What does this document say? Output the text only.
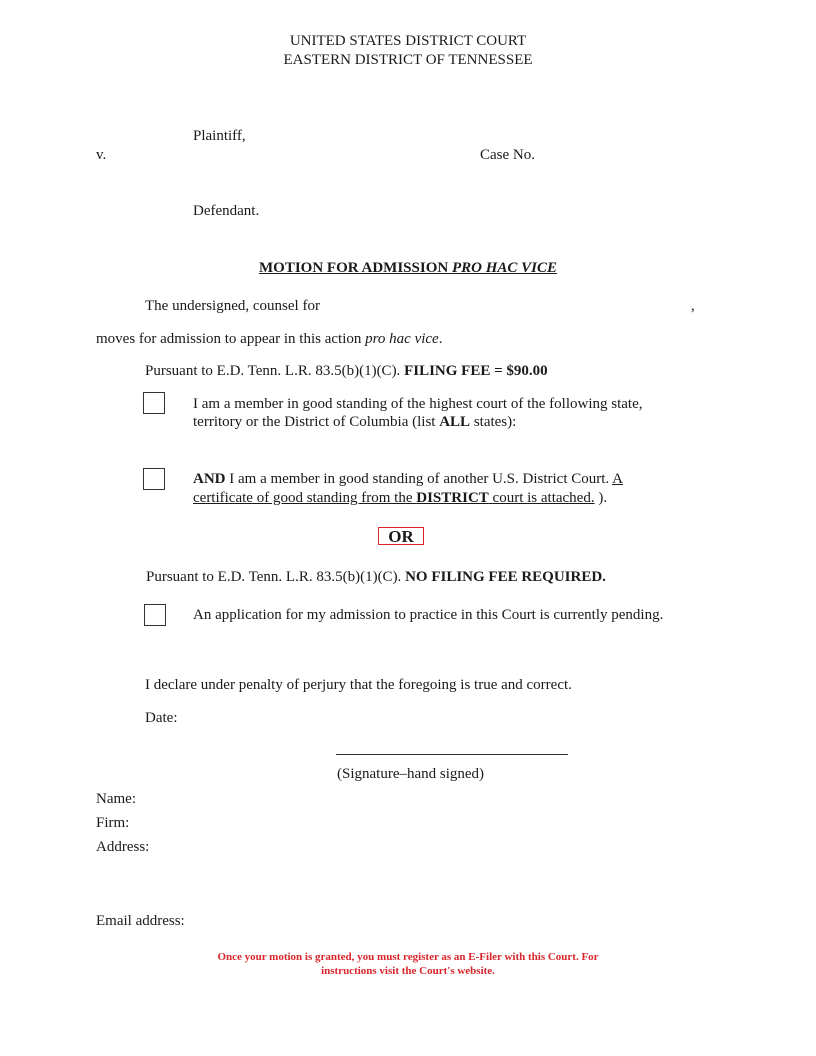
UNITED STATES DISTRICT COURT
EASTERN DISTRICT OF TENNESSEE
Plaintiff,
v.	Case No.
Defendant.
MOTION FOR ADMISSION PRO HAC VICE
The undersigned, counsel for	,
moves for admission to appear in this action pro hac vice.
Pursuant to E.D. Tenn. L.R. 83.5(b)(1)(C). FILING FEE = $90.00
I am a member in good standing of the highest court of the following state,
territory or the District of Columbia (list ALL states):
AND I am a member in good standing of another U.S. District Court. A
certificate of good standing from the DISTRICT court is attached. ).
OR
Pursuant to E.D. Tenn. L.R. 83.5(b)(1)(C). NO FILING FEE REQUIRED.
An application for my admission to practice in this Court is currently pending.
I declare under penalty of perjury that the foregoing is true and correct.
Date:
(Signature–hand signed)
Name:
Firm:
Address:
Email address:
Once your motion is granted, you must register as an E-Filer with this Court. For
instructions visit the Court's website.
